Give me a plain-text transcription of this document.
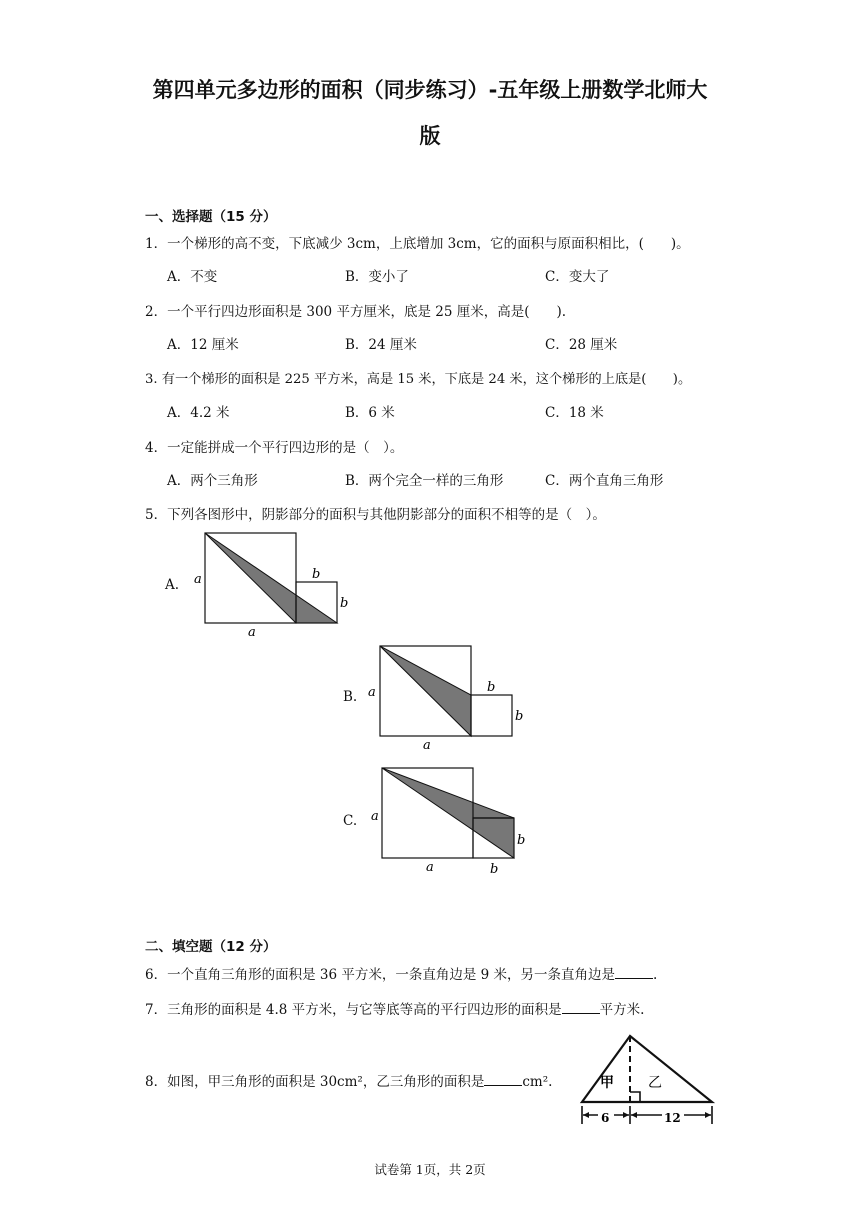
第四单元多边形的面积（同步练习）-五年级上册数学北师大
版
一、选择题（15 分）
1．一个梯形的高不变，下底减少 3cm，上底增加 3cm，它的面积与原面积相比，(　　)。
A．不变	B．变小了	C．变大了
2．一个平行四边形面积是 300 平方厘米，底是 25 厘米，高是(　　).
A．12 厘米	B．24 厘米	C．28 厘米
3. 有一个梯形的面积是 225 平方米，高是 15 米，下底是 24 米，这个梯形的上底是(　　)。
A．4.2 米	B．6 米	C．18 米
4．一定能拼成一个平行四边形的是（　）。
A．两个三角形	B．两个完全一样的三角形	C．两个直角三角形
5．下列各图形中，阴影部分的面积与其他阴影部分的面积不相等的是（　）。
A. a
a
b
b
B. a
a
b
b
C. a
a	b
b
二、填空题（12 分）
6．一个直角三角形的面积是 36 平方米，一条直角边是 9 米，另一条直角边是	.
7．三角形的面积是 4.8 平方米，与它等底等高的平行四边形的面积是	平方米.
8．如图，甲三角形的面积是 30cm²，乙三角形的面积是	cm².	甲 乙
6	12
试卷第 1页，共 2页
